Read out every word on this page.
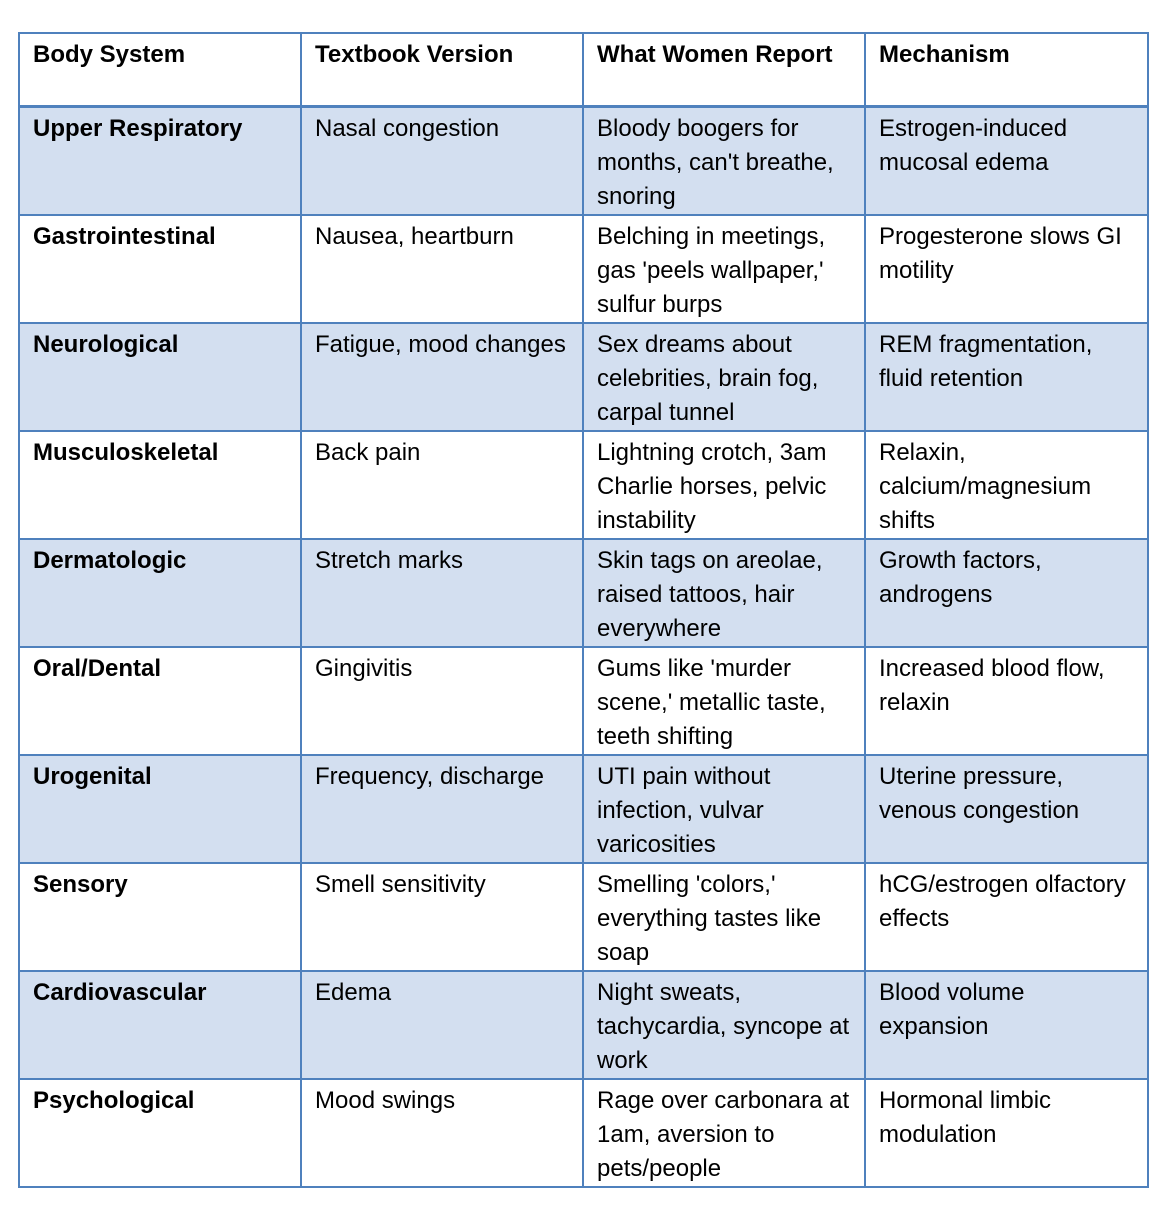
Body System	Textbook Version	What Women Report	Mechanism
Upper Respiratory	Nasal congestion	Bloody boogers for months, can't breathe, snoring	Estrogen-induced mucosal edema
Gastrointestinal	Nausea, heartburn	Belching in meetings, gas 'peels wallpaper,' sulfur burps	Progesterone slows GI motility
Neurological	Fatigue, mood changes	Sex dreams about celebrities, brain fog, carpal tunnel	REM fragmentation, fluid retention
Musculoskeletal	Back pain	Lightning crotch, 3am Charlie horses, pelvic instability	Relaxin, calcium/magnesium shifts
Dermatologic	Stretch marks	Skin tags on areolae, raised tattoos, hair everywhere	Growth factors, androgens
Oral/Dental	Gingivitis	Gums like 'murder scene,' metallic taste, teeth shifting	Increased blood flow, relaxin
Urogenital	Frequency, discharge	UTI pain without infection, vulvar varicosities	Uterine pressure, venous congestion
Sensory	Smell sensitivity	Smelling 'colors,' everything tastes like soap	hCG/estrogen olfactory effects
Cardiovascular	Edema	Night sweats, tachycardia, syncope at work	Blood volume expansion
Psychological	Mood swings	Rage over carbonara at 1am, aversion to pets/people	Hormonal limbic modulation
